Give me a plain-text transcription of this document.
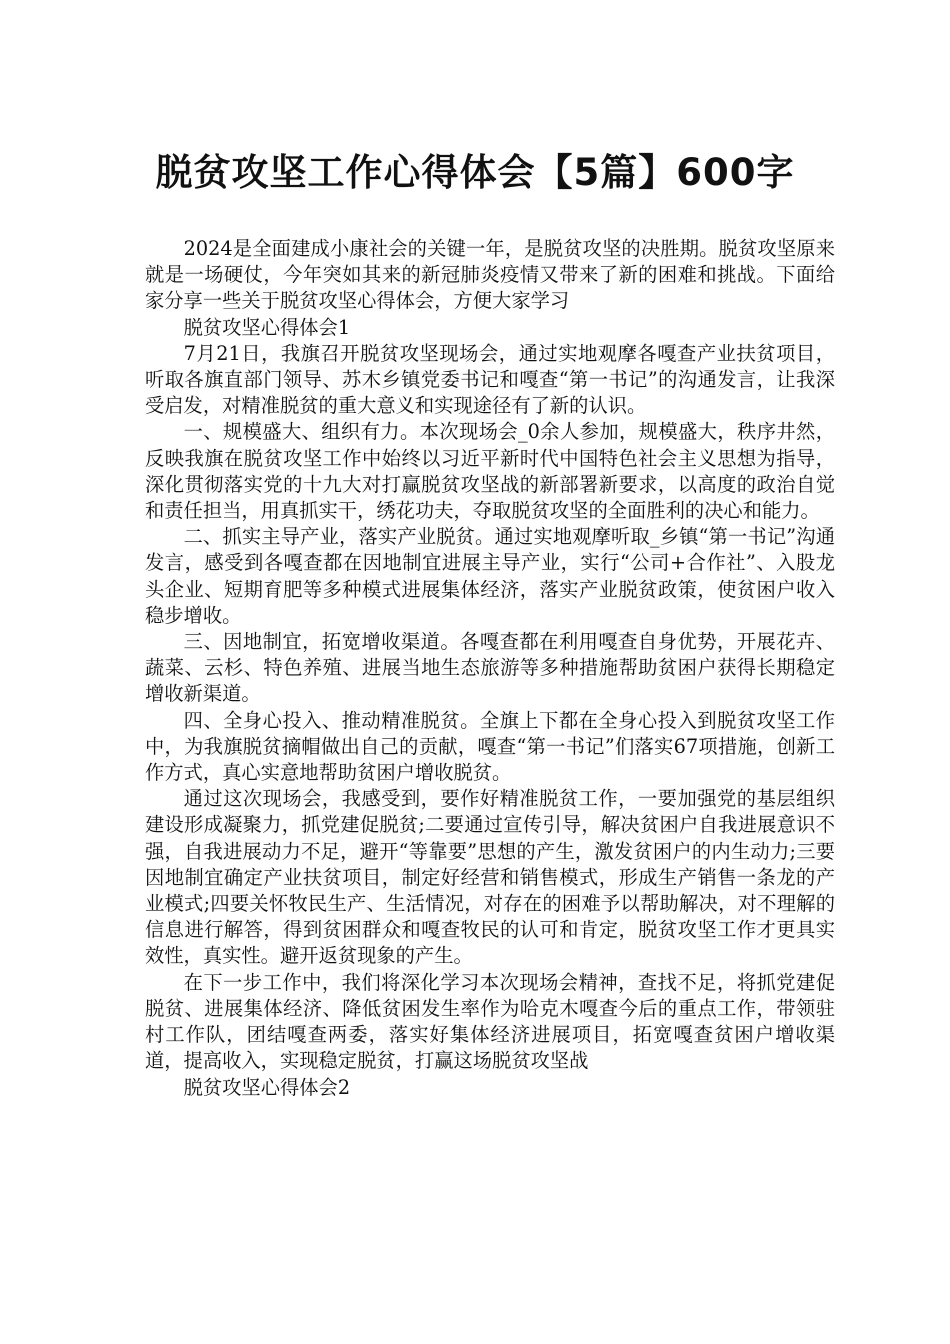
脱贫攻坚工作心得体会【5篇】600字

2024是全面建成小康社会的关键一年，是脱贫攻坚的决胜期。脱贫攻坚原来就是一场硬仗，今年突如其来的新冠肺炎疫情又带来了新的困难和挑战。下面给家分享一些关于脱贫攻坚心得体会，方便大家学习

脱贫攻坚心得体会1

7月21日，我旗召开脱贫攻坚现场会，通过实地观摩各嘎查产业扶贫项目，听取各旗直部门领导、苏木乡镇党委书记和嘎查“第一书记”的沟通发言，让我深受启发，对精准脱贫的重大意义和实现途径有了新的认识。

一、规模盛大、组织有力。本次现场会_0余人参加，规模盛大，秩序井然，反映我旗在脱贫攻坚工作中始终以习近平新时代中国特色社会主义思想为指导，深化贯彻落实党的十九大对打赢脱贫攻坚战的新部署新要求，以高度的政治自觉和责任担当，用真抓实干，绣花功夫，夺取脱贫攻坚的全面胜利的决心和能力。

二、抓实主导产业，落实产业脱贫。通过实地观摩听取_乡镇“第一书记”沟通发言，感受到各嘎查都在因地制宜进展主导产业，实行“公司+合作社”、入股龙头企业、短期育肥等多种模式进展集体经济，落实产业脱贫政策，使贫困户收入稳步增收。

三、因地制宜，拓宽增收渠道。各嘎查都在利用嘎查自身优势，开展花卉、蔬菜、云杉、特色养殖、进展当地生态旅游等多种措施帮助贫困户获得长期稳定增收新渠道。

四、全身心投入、推动精准脱贫。全旗上下都在全身心投入到脱贫攻坚工作中，为我旗脱贫摘帽做出自己的贡献，嘎查“第一书记”们落实67项措施，创新工作方式，真心实意地帮助贫困户增收脱贫。

通过这次现场会，我感受到，要作好精准脱贫工作，一要加强党的基层组织建设形成凝聚力，抓党建促脱贫;二要通过宣传引导，解决贫困户自我进展意识不强，自我进展动力不足，避开“等靠要”思想的产生，激发贫困户的内生动力;三要因地制宜确定产业扶贫项目，制定好经营和销售模式，形成生产销售一条龙的产业模式;四要关怀牧民生产、生活情况，对存在的困难予以帮助解决，对不理解的信息进行解答，得到贫困群众和嘎查牧民的认可和肯定，脱贫攻坚工作才更具实效性，真实性。避开返贫现象的产生。

在下一步工作中，我们将深化学习本次现场会精神，查找不足，将抓党建促脱贫、进展集体经济、降低贫困发生率作为哈克木嘎查今后的重点工作，带领驻村工作队，团结嘎查两委，落实好集体经济进展项目，拓宽嘎查贫困户增收渠道，提高收入，实现稳定脱贫，打赢这场脱贫攻坚战

脱贫攻坚心得体会2
